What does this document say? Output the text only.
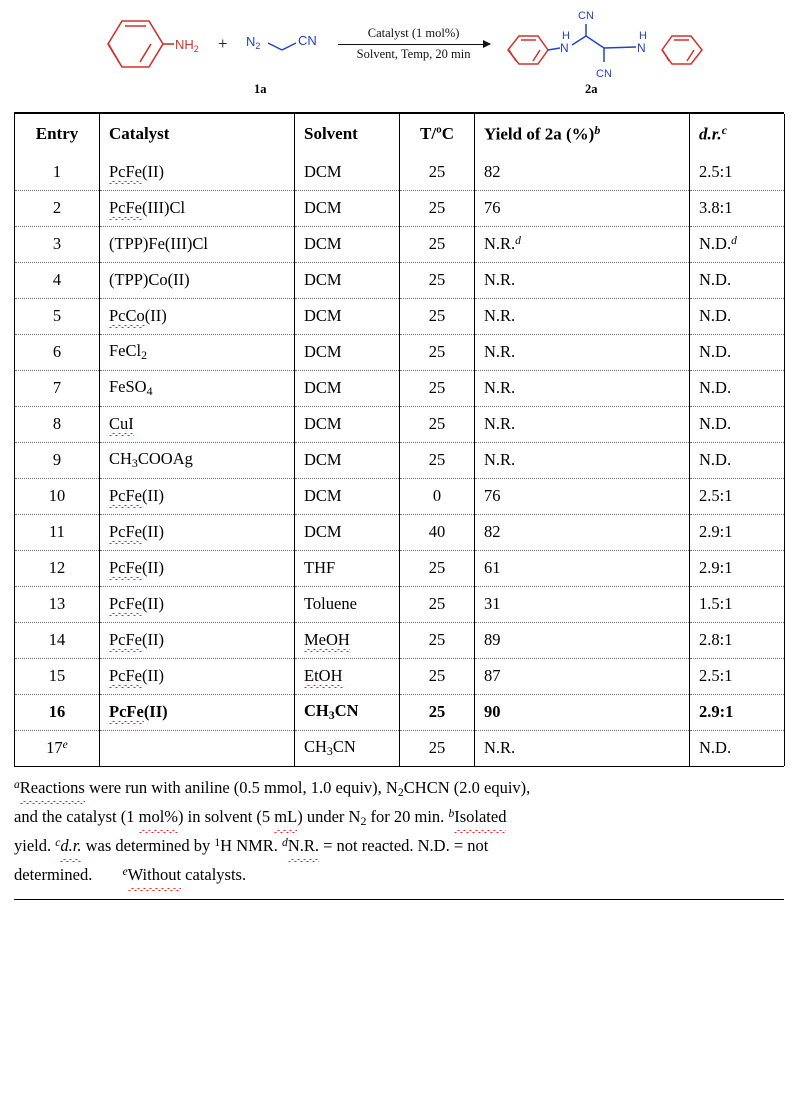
$NH_2$	+	$N_2$	CN
Catalyst (1 mol%)
Solvent, Temp, 20 min
H
N
H
N
CN
CN
1a	2a
Entry	Catalyst	Solvent	T/ºC	Yield of 2a (%)$^b$	d.r.$^c$
1	PcFe(II)	DCM	25	82	2.5:1
2	PcFe(III)Cl	DCM	25	76	3.8:1
3	(TPP)Fe(III)Cl	DCM	25	N.R.$^d$	N.D.$^d$
4	(TPP)Co(II)	DCM	25	N.R.	N.D.
5	PcCo(II)	DCM	25	N.R.	N.D.
6	FeCl$_2$	DCM	25	N.R.	N.D.
7	FeSO$_4$	DCM	25	N.R.	N.D.
8	CuI	DCM	25	N.R.	N.D.
9	$CH_3COOAg$	DCM	25	N.R.	N.D.
10	PcFe(II)	DCM	0	76	2.5:1
11	PcFe(II)	DCM	40	82	2.9:1
12	PcFe(II)	THF	25	61	2.9:1
13	PcFe(II)	Toluene	25	31	1.5:1
14	PcFe(II)	MeOH	25	89	2.8:1
15	PcFe(II)	EtOH	25	87	2.5:1
16	PcFe(II)	$CH_3CN$	25	90	2.9:1
17e		$CH_3CN$	25	N.R.	N.D.

$^a$Reactions were run with aniline (0.5 mmol, 1.0 equiv), $N_2CHCN$ (2.0 equiv),

and the catalyst (1 mol%) in solvent (5 mL) under $N_2$ for 20 min. $^b$Isolated

yield. $^c$d.r. was determined by $^1$H NMR. $^d$N.R. = not reacted. N.D. = not

determined. $^e$Without catalysts.
